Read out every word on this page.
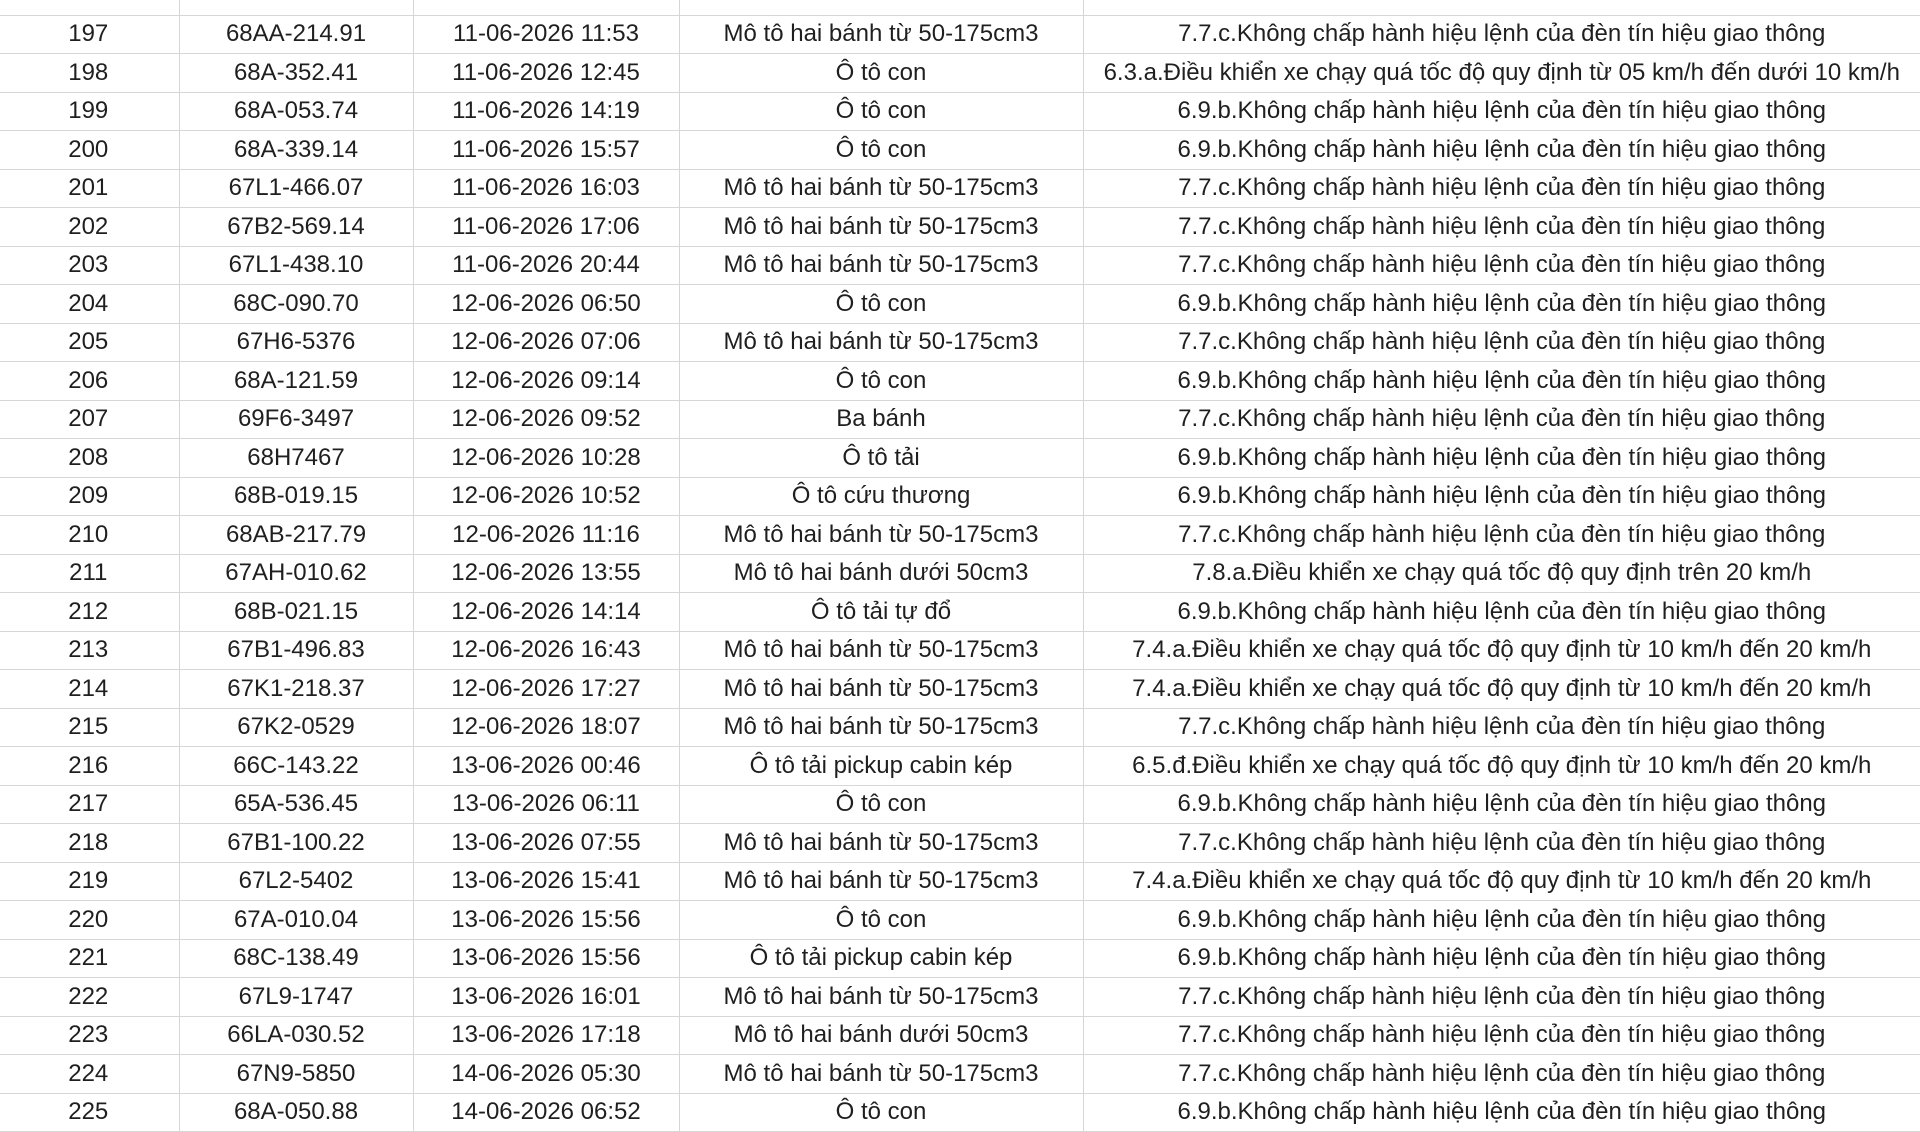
197	68AA-214.91	11-06-2026 11:53	Mô tô hai bánh từ 50-175cm3	7.7.c.Không chấp hành hiệu lệnh của đèn tín hiệu giao thông
198	68A-352.41	11-06-2026 12:45	Ô tô con	6.3.a.Điều khiển xe chạy quá tốc độ quy định từ 05 km/h đến dưới 10 km/h
199	68A-053.74	11-06-2026 14:19	Ô tô con	6.9.b.Không chấp hành hiệu lệnh của đèn tín hiệu giao thông
200	68A-339.14	11-06-2026 15:57	Ô tô con	6.9.b.Không chấp hành hiệu lệnh của đèn tín hiệu giao thông
201	67L1-466.07	11-06-2026 16:03	Mô tô hai bánh từ 50-175cm3	7.7.c.Không chấp hành hiệu lệnh của đèn tín hiệu giao thông
202	67B2-569.14	11-06-2026 17:06	Mô tô hai bánh từ 50-175cm3	7.7.c.Không chấp hành hiệu lệnh của đèn tín hiệu giao thông
203	67L1-438.10	11-06-2026 20:44	Mô tô hai bánh từ 50-175cm3	7.7.c.Không chấp hành hiệu lệnh của đèn tín hiệu giao thông
204	68C-090.70	12-06-2026 06:50	Ô tô con	6.9.b.Không chấp hành hiệu lệnh của đèn tín hiệu giao thông
205	67H6-5376	12-06-2026 07:06	Mô tô hai bánh từ 50-175cm3	7.7.c.Không chấp hành hiệu lệnh của đèn tín hiệu giao thông
206	68A-121.59	12-06-2026 09:14	Ô tô con	6.9.b.Không chấp hành hiệu lệnh của đèn tín hiệu giao thông
207	69F6-3497	12-06-2026 09:52	Ba bánh	7.7.c.Không chấp hành hiệu lệnh của đèn tín hiệu giao thông
208	68H7467	12-06-2026 10:28	Ô tô tải	6.9.b.Không chấp hành hiệu lệnh của đèn tín hiệu giao thông
209	68B-019.15	12-06-2026 10:52	Ô tô cứu thương	6.9.b.Không chấp hành hiệu lệnh của đèn tín hiệu giao thông
210	68AB-217.79	12-06-2026 11:16	Mô tô hai bánh từ 50-175cm3	7.7.c.Không chấp hành hiệu lệnh của đèn tín hiệu giao thông
211	67AH-010.62	12-06-2026 13:55	Mô tô hai bánh dưới 50cm3	7.8.a.Điều khiển xe chạy quá tốc độ quy định trên 20 km/h
212	68B-021.15	12-06-2026 14:14	Ô tô tải tự đổ	6.9.b.Không chấp hành hiệu lệnh của đèn tín hiệu giao thông
213	67B1-496.83	12-06-2026 16:43	Mô tô hai bánh từ 50-175cm3	7.4.a.Điều khiển xe chạy quá tốc độ quy định từ 10 km/h đến 20 km/h
214	67K1-218.37	12-06-2026 17:27	Mô tô hai bánh từ 50-175cm3	7.4.a.Điều khiển xe chạy quá tốc độ quy định từ 10 km/h đến 20 km/h
215	67K2-0529	12-06-2026 18:07	Mô tô hai bánh từ 50-175cm3	7.7.c.Không chấp hành hiệu lệnh của đèn tín hiệu giao thông
216	66C-143.22	13-06-2026 00:46	Ô tô tải pickup cabin kép	6.5.đ.Điều khiển xe chạy quá tốc độ quy định từ 10 km/h đến 20 km/h
217	65A-536.45	13-06-2026 06:11	Ô tô con	6.9.b.Không chấp hành hiệu lệnh của đèn tín hiệu giao thông
218	67B1-100.22	13-06-2026 07:55	Mô tô hai bánh từ 50-175cm3	7.7.c.Không chấp hành hiệu lệnh của đèn tín hiệu giao thông
219	67L2-5402	13-06-2026 15:41	Mô tô hai bánh từ 50-175cm3	7.4.a.Điều khiển xe chạy quá tốc độ quy định từ 10 km/h đến 20 km/h
220	67A-010.04	13-06-2026 15:56	Ô tô con	6.9.b.Không chấp hành hiệu lệnh của đèn tín hiệu giao thông
221	68C-138.49	13-06-2026 15:56	Ô tô tải pickup cabin kép	6.9.b.Không chấp hành hiệu lệnh của đèn tín hiệu giao thông
222	67L9-1747	13-06-2026 16:01	Mô tô hai bánh từ 50-175cm3	7.7.c.Không chấp hành hiệu lệnh của đèn tín hiệu giao thông
223	66LA-030.52	13-06-2026 17:18	Mô tô hai bánh dưới 50cm3	7.7.c.Không chấp hành hiệu lệnh của đèn tín hiệu giao thông
224	67N9-5850	14-06-2026 05:30	Mô tô hai bánh từ 50-175cm3	7.7.c.Không chấp hành hiệu lệnh của đèn tín hiệu giao thông
225	68A-050.88	14-06-2026 06:52	Ô tô con	6.9.b.Không chấp hành hiệu lệnh của đèn tín hiệu giao thông
